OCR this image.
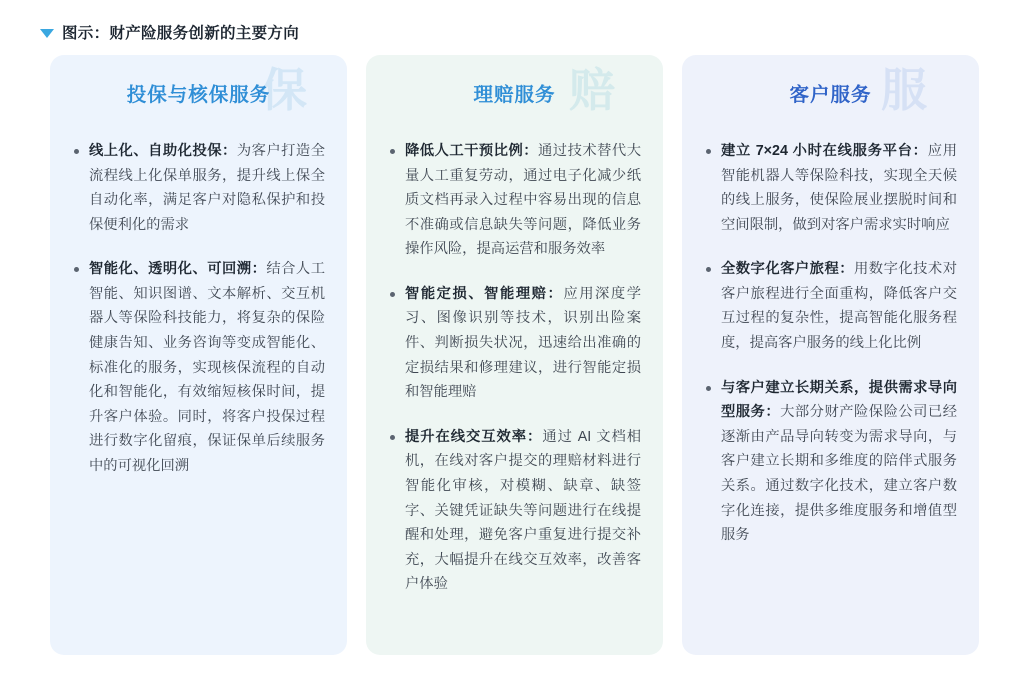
图示：财产险服务创新的主要方向
保
投保与核保服务
线上化、自助化投保：为客户打造全流程线上化保单服务，提升线上保全自动化率，满足客户对隐私保护和投保便利化的需求
智能化、透明化、可回溯：结合人工智能、知识图谱、文本解析、交互机器人等保险科技能力，将复杂的保险健康告知、业务咨询等变成智能化、标准化的服务，实现核保流程的自动化和智能化，有效缩短核保时间，提升客户体验。同时，将客户投保过程进行数字化留痕，保证保单后续服务中的可视化回溯
赔
理赔服务
降低人工干预比例：通过技术替代大量人工重复劳动，通过电子化减少纸质文档再录入过程中容易出现的信息不准确或信息缺失等问题，降低业务操作风险，提高运营和服务效率
智能定损、智能理赔：应用深度学习、图像识别等技术，识别出险案件、判断损失状况，迅速给出准确的定损结果和修理建议，进行智能定损和智能理赔
提升在线交互效率：通过 AI 文档相机，在线对客户提交的理赔材料进行智能化审核，对模糊、缺章、缺签字、关键凭证缺失等问题进行在线提醒和处理，避免客户重复进行提交补充，大幅提升在线交互效率，改善客户体验
服
客户服务
建立 7×24 小时在线服务平台：应用智能机器人等保险科技，实现全天候的线上服务，使保险展业摆脱时间和空间限制，做到对客户需求实时响应
全数字化客户旅程：用数字化技术对客户旅程进行全面重构，降低客户交互过程的复杂性，提高智能化服务程度，提高客户服务的线上化比例
与客户建立长期关系，提供需求导向型服务：大部分财产险保险公司已经逐渐由产品导向转变为需求导向，与客户建立长期和多维度的陪伴式服务关系。通过数字化技术，建立客户数字化连接，提供多维度服务和增值型服务
